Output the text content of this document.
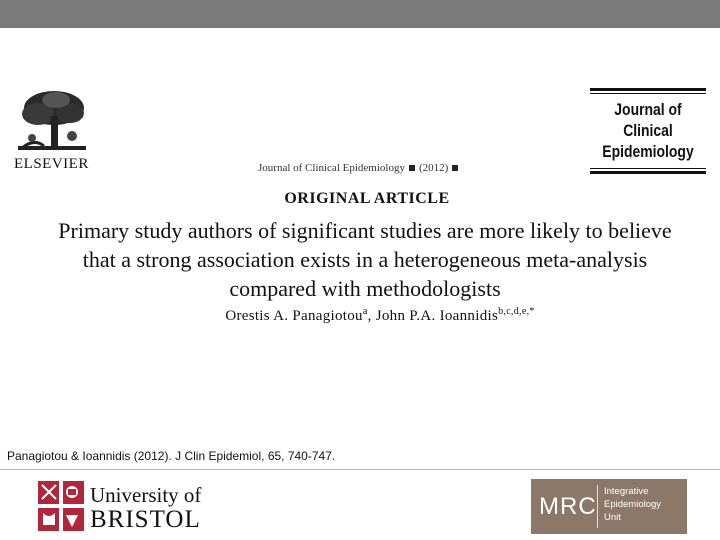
ELSEVIER	Journal of Clinical Epidemiology (2012)
Journal of
Clinical
Epidemiology
ORIGINAL ARTICLE
Primary study authors of significant studies are more likely to believe
that a strong association exists in a heterogeneous meta-analysis
compared with methodologists
Orestis A. Panagiotou$^a$, John P.A. Ioannidis$^{b,c,d,e,*}$
Panagiotou & Ioannidis (2012). J Clin Epidemiol, 65, 740-747.
University of
BRISTOL	MRC
Integrative
Epidemiology
Unit
